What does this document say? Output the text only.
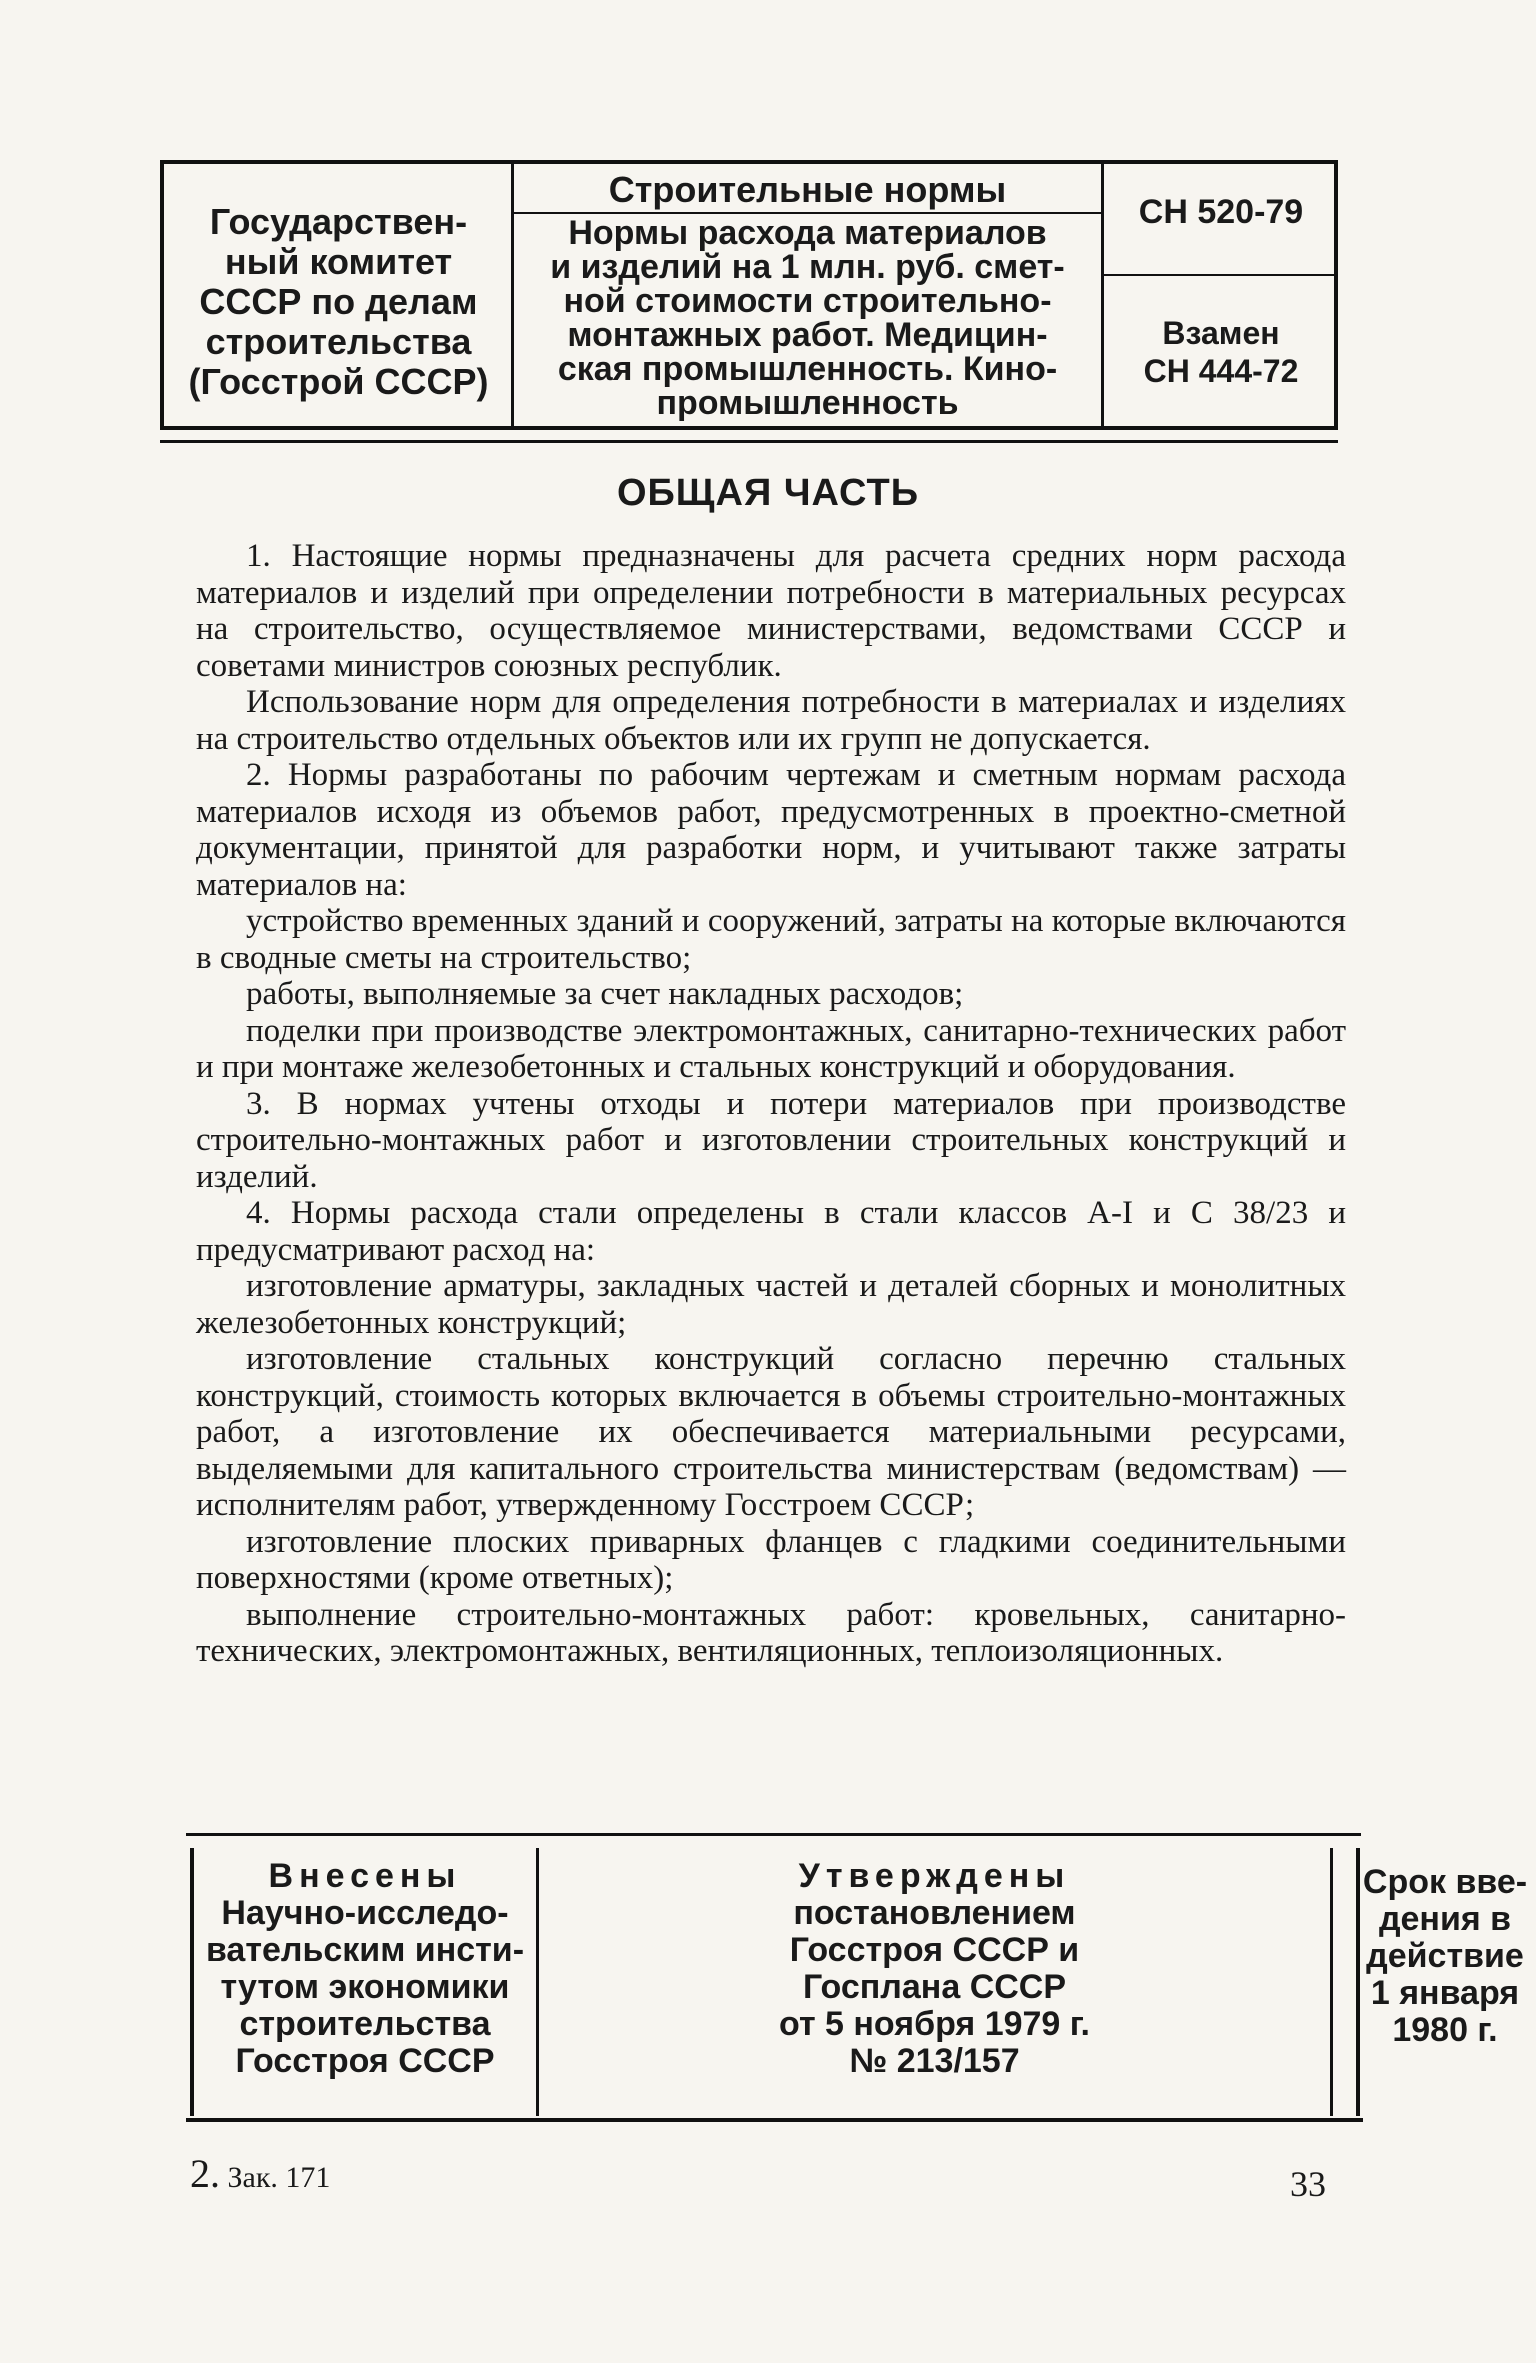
Государствен-
ный комитет
СССР по делам
строительства
(Госстрой СССР)
Строительные нормы
Нормы расхода материалов
и изделий на 1 млн. руб. смет-
ной стоимости строительно-
монтажных работ. Медицин-
ская промышленность. Кино-
промышленность
СН 520-79
Взамен
СН 444-72
ОБЩАЯ ЧАСТЬ

1. Настоящие нормы предназначены для расчета средних норм расхода материалов и изделий при определении потребности в материальных ресурсах на строительство, осуществляемое министерствами, ведомствами СССР и советами министров союзных республик.

Использование норм для определения потребности в материалах и изделиях на строительство отдельных объектов или их групп не допускается.

2. Нормы разработаны по рабочим чертежам и сметным нормам расхода материалов исходя из объемов работ, предусмотренных в проектно-сметной документации, принятой для разработки норм, и учитывают также затраты материалов на:

устройство временных зданий и сооружений, затраты на которые включаются в сводные сметы на строительство;

работы, выполняемые за счет накладных расходов;

поделки при производстве электромонтажных, санитарно-технических работ и при монтаже железобетонных и стальных конструкций и оборудования.

3. В нормах учтены отходы и потери материалов при производстве строительно-монтажных работ и изготовлении строительных конструкций и изделий.

4. Нормы расхода стали определены в стали классов А-I и С 38/23 и предусматривают расход на:

изготовление арматуры, закладных частей и деталей сборных и монолитных железобетонных конструкций;

изготовление стальных конструкций согласно перечню стальных конструкций, стоимость которых включается в объемы строительно-монтажных работ, а изготовление их обеспечивается материальными ресурсами, выделяемыми для капитального строительства министерствам (ведомствам) — исполнителям работ, утвержденному Госстроем СССР;

изготовление плоских приварных фланцев с гладкими соединительными поверхностями (кроме ответных);

выполнение строительно-монтажных работ: кровельных, санитарно-технических, электромонтажных, вентиляционных, теплоизоляционных.

Внесены
Научно-исследо-
вательским инсти-
тутом экономики
строительства
Госстроя СССР
Утверждены
постановлением
Госстроя СССР и
Госплана СССР
от 5 ноября 1979 г.
№ 213/157
Срок вве-
дения в
действие
1 января
1980 г.
2. Зак. 171	33
